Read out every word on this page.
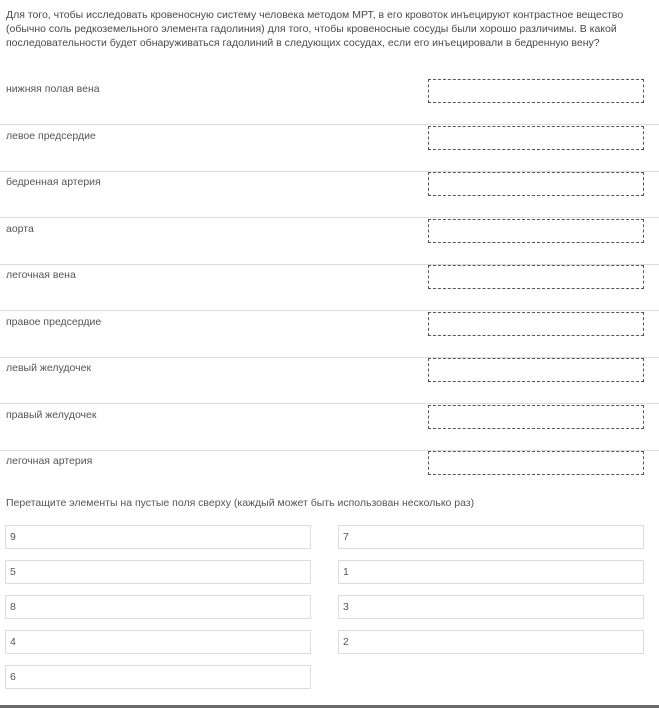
Для того, чтобы исследовать кровеносную систему человека методом МРТ, в его кровоток инъецируют контрастное вещество (обычно соль редкоземельного элемента гадолиния) для того, чтобы кровеносные сосуды были хорошо различимы. В какой последовательности будет обнаруживаться гадолиний в следующих сосудах, если его инъецировали в бедренную вену?

нижняя полая вена
левое предсердие
бедренная артерия
аорта
легочная вена
правое предсердие
левый желудочек
правый желудочек
легочная артерия
Перетащите элементы на пустые поля сверху (каждый может быть использован несколько раз)
9	7
5	1
8	3
4	2
6
